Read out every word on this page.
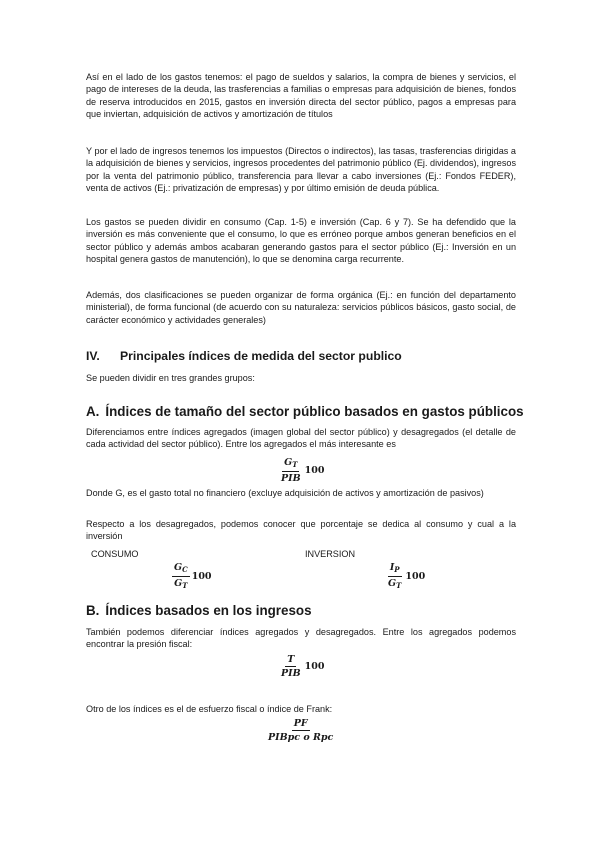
Así en el lado de los gastos tenemos: el pago de sueldos y salarios, la compra de bienes y servicios, el pago de intereses de la deuda, las trasferencias a familias o empresas para adquisición de bienes, fondos de reserva introducidos en 2015, gastos en inversión directa del sector público, pagos a empresas para que inviertan, adquisición de activos y amortización de títulos

Y por el lado de ingresos tenemos los impuestos (Directos o indirectos), las tasas, trasferencias dirigidas a la adquisición de bienes y servicios, ingresos procedentes del patrimonio público (Ej. dividendos), ingresos por la venta del patrimonio público, transferencia para llevar a cabo inversiones (Ej.: Fondos FEDER), venta de activos (Ej.: privatización de empresas) y por último emisión de deuda pública.

Los gastos se pueden dividir en consumo (Cap. 1-5) e inversión (Cap. 6 y 7). Se ha defendido que la inversión es más conveniente que el consumo, lo que es erróneo porque ambos generan beneficios en el sector público y además ambos acabaran generando gastos para el sector público (Ej.: Inversión en un hospital genera gastos de manutención), lo que se denomina carga recurrente.

Además, dos clasificaciones se pueden organizar de forma orgánica (Ej.: en función del departamento ministerial), de forma funcional (de acuerdo con su naturaleza: servicios públicos básicos, gasto social, de carácter económico y actividades generales)

IV. Principales índices de medida del sector publico

Se pueden dividir en tres grandes grupos:

A. Índices de tamaño del sector público basados en gastos públicos

Diferenciamos entre índices agregados (imagen global del sector público) y desagregados (el detalle de cada actividad del sector público). Entre los agregados el más interesante es

$G_T$
PIB
100

Donde G, es el gasto total no financiero (excluye adquisición de activos y amortización de pasivos)

Respecto a los desagregados, podemos conocer que porcentaje se dedica al consumo y cual a la inversión

CONSUMO	INVERSION

$G_C$
$G_T$
100
$I_P$
$G_T$
100
B. Índices basados en los ingresos

También podemos diferenciar índices agregados y desagregados. Entre los agregados podemos encontrar la presión fiscal:

T
PIB
100

Otro de los índices es el de esfuerzo fiscal o índice de Frank:

PF
PIBpc o Rpc
